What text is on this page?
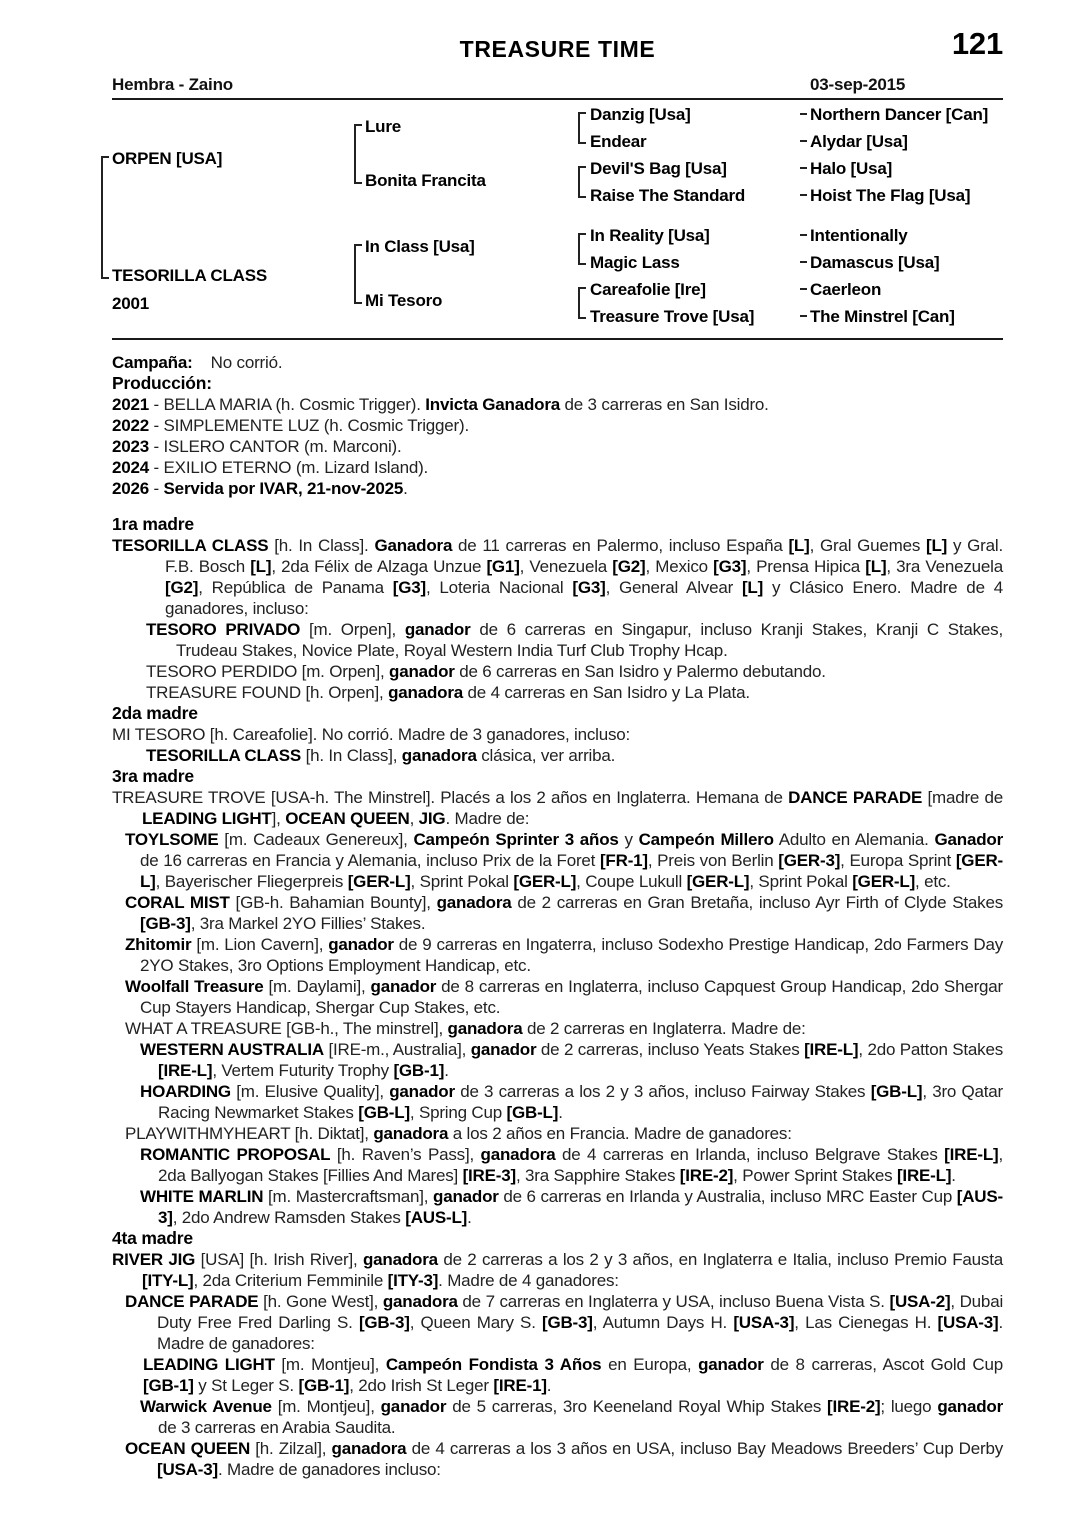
TREASURE TIME	121
Hembra - Zaino	03-sep-2015
ORPEN [USA]
TESORILLA CLASS
2001
Lure
Bonita Francita
In Class [Usa]
Mi Tesoro
Danzig [Usa]
Endear
Devil'S Bag [Usa]
Raise The Standard
In Reality [Usa]
Magic Lass
Careafolie [Ire]
Treasure Trove [Usa]
Northern Dancer [Can]
Alydar [Usa]
Halo [Usa]
Hoist The Flag [Usa]
Intentionally
Damascus [Usa]
Caerleon
The Minstrel [Can]

Campaña:    No corrió.

Producción:

2021 - BELLA MARIA (h. Cosmic Trigger). Invicta Ganadora de 3 carreras en San Isidro.

2022 - SIMPLEMENTE LUZ (h. Cosmic Trigger).

2023 - ISLERO CANTOR (m. Marconi).

2024 - EXILIO ETERNO (m. Lizard Island).

2026 - Servida por IVAR, 21-nov-2025.

1ra madre

TESORILLA CLASS [h. In Class]. Ganadora de 11 carreras en Palermo, incluso España [L], Gral Guemes [L] y Gral. F.B. Bosch [L], 2da Félix de Alzaga Unzue [G1], Venezuela [G2], Mexico [G3], Prensa Hipica [L], 3ra Venezuela [G2], República de Panama [G3], Loteria Nacional [G3], General Alvear [L] y Clásico Enero. Madre de 4 ganadores, incluso:

TESORO PRIVADO [m. Orpen], ganador de 6 carreras en Singapur, incluso Kranji Stakes, Kranji C Stakes, Trudeau Stakes, Novice Plate, Royal Western India Turf Club Trophy Hcap.

TESORO PERDIDO [m. Orpen], ganador de 6 carreras en San Isidro y Palermo debutando.

TREASURE FOUND [h. Orpen], ganadora de 4 carreras en San Isidro y La Plata.

2da madre

MI TESORO [h. Careafolie]. No corrió. Madre de 3 ganadores, incluso:

TESORILLA CLASS [h. In Class], ganadora clásica, ver arriba.

3ra madre

TREASURE TROVE [USA-h. The Minstrel]. Placés a los 2 años en Inglaterra. Hemana de DANCE PARADE [madre de LEADING LIGHT], OCEAN QUEEN, JIG. Madre de:

TOYLSOME [m. Cadeaux Genereux], Campeón Sprinter 3 años y Campeón Millero Adulto en Alemania. Ganador de 16 carreras en Francia y Alemania, incluso Prix de la Foret [FR-1], Preis von Berlin [GER-3], Europa Sprint [GER-L], Bayerischer Fliegerpreis [GER-L], Sprint Pokal [GER-L], Coupe Lukull [GER-L], Sprint Pokal [GER-L], etc.

CORAL MIST [GB-h. Bahamian Bounty], ganadora de 2 carreras en Gran Bretaña, incluso Ayr Firth of Clyde Stakes [GB-3], 3ra Markel 2YO Fillies’ Stakes.

Zhitomir [m. Lion Cavern], ganador de 9 carreras en Ingaterra, incluso Sodexho Prestige Handicap, 2do Farmers Day 2YO Stakes, 3ro Options Employment Handicap, etc.

Woolfall Treasure [m. Daylami], ganador de 8 carreras en Inglaterra, incluso Capquest Group Handicap, 2do Shergar Cup Stayers Handicap, Shergar Cup Stakes, etc.

WHAT A TREASURE [GB-h., The minstrel], ganadora de 2 carreras en Inglaterra. Madre de:

WESTERN AUSTRALIA [IRE-m., Australia], ganador de 2 carreras, incluso Yeats Stakes [IRE-L], 2do Patton Stakes [IRE-L], Vertem Futurity Trophy [GB-1].

HOARDING [m. Elusive Quality], ganador de 3 carreras a los 2 y 3 años, incluso Fairway Stakes [GB-L], 3ro Qatar Racing Newmarket Stakes [GB-L], Spring Cup [GB-L].

PLAYWITHMYHEART [h. Diktat], ganadora a los 2 años en Francia. Madre de ganadores:

ROMANTIC PROPOSAL [h. Raven’s Pass], ganadora de 4 carreras en Irlanda, incluso Belgrave Stakes [IRE-L], 2da Ballyogan Stakes [Fillies And Mares] [IRE-3], 3ra Sapphire Stakes [IRE-2], Power Sprint Stakes [IRE-L].

WHITE MARLIN [m. Mastercraftsman], ganador de 6 carreras en Irlanda y Australia, incluso MRC Easter Cup [AUS-3], 2do Andrew Ramsden Stakes [AUS-L].

4ta madre

RIVER JIG [USA] [h. Irish River], ganadora de 2 carreras a los 2 y 3 años, en Inglaterra e Italia, incluso Premio Fausta [ITY-L], 2da Criterium Femminile [ITY-3]. Madre de 4 ganadores:

DANCE PARADE [h. Gone West], ganadora de 7 carreras en Inglaterra y USA, incluso Buena Vista S. [USA-2], Dubai Duty Free Fred Darling S. [GB-3], Queen Mary S. [GB-3], Autumn Days H. [USA-3], Las Cienegas H. [USA-3]. Madre de ganadores:

LEADING LIGHT [m. Montjeu], Campeón Fondista 3 Años en Europa, ganador de 8 carreras, Ascot Gold Cup [GB-1] y St Leger S. [GB-1], 2do Irish St Leger [IRE-1].

Warwick Avenue [m. Montjeu], ganador de 5 carreras, 3ro Keeneland Royal Whip Stakes [IRE-2]; luego ganador de 3 carreras en Arabia Saudita.

OCEAN QUEEN [h. Zilzal], ganadora de 4 carreras a los 3 años en USA, incluso Bay Meadows Breeders’ Cup Derby [USA-3]. Madre de ganadores incluso:
